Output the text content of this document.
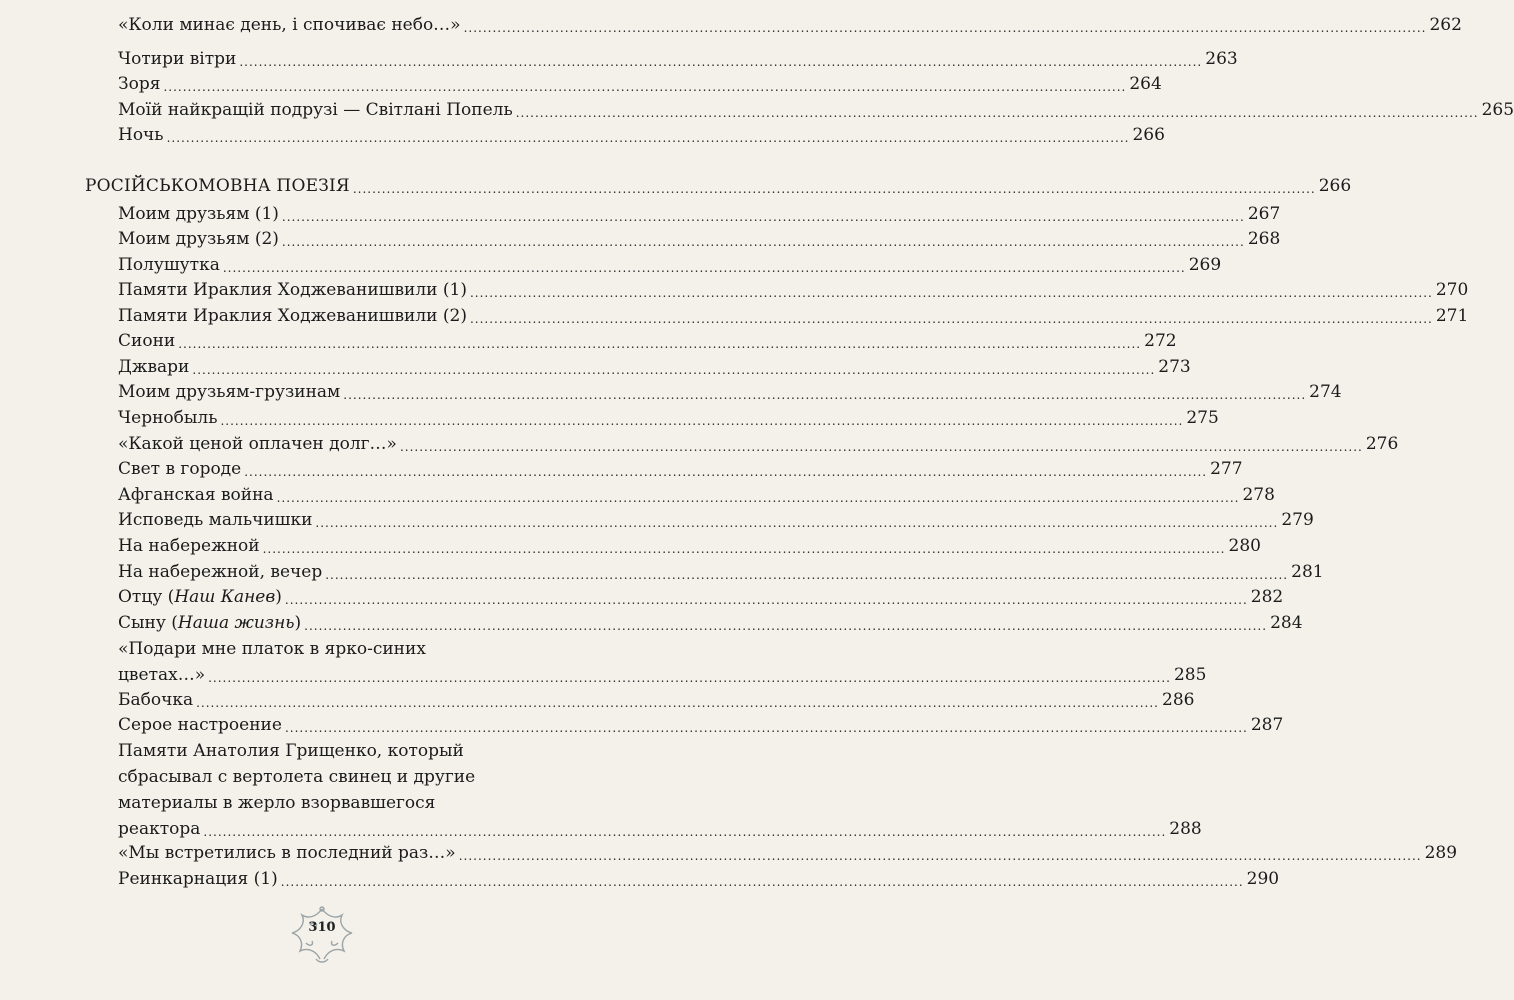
«Коли минає день, і спочиває небо…» ........................................................................................................................................................................................................ 262
Чотири вітри ........................................................................................................................................................................................................ 263
Зоря ........................................................................................................................................................................................................ 264
Моїй найкращій подрузі — Світлані Попель ........................................................................................................................................................................................................ 265
Ночь ........................................................................................................................................................................................................ 266
РОСІЙСЬКОМОВНА ПОЕЗІЯ ........................................................................................................................................................................................................ 266
Моим друзьям (1) ........................................................................................................................................................................................................ 267
Моим друзьям (2) ........................................................................................................................................................................................................ 268
Полушутка ........................................................................................................................................................................................................ 269
Памяти Ираклия Ходжеванишвили (1) ........................................................................................................................................................................................................ 270
Памяти Ираклия Ходжеванишвили (2) ........................................................................................................................................................................................................ 271
Сиони ........................................................................................................................................................................................................ 272
Джвари ........................................................................................................................................................................................................ 273
Моим друзьям-грузинам ........................................................................................................................................................................................................ 274
Чернобыль ........................................................................................................................................................................................................ 275
«Какой ценой оплачен долг…» ........................................................................................................................................................................................................ 276
Свет в городе ........................................................................................................................................................................................................ 277
Афганская война ........................................................................................................................................................................................................ 278
Исповедь мальчишки ........................................................................................................................................................................................................ 279
На набережной ........................................................................................................................................................................................................ 280
На набережной, вечер ........................................................................................................................................................................................................ 281
Отцу (Наш Канев) ........................................................................................................................................................................................................ 282
Сыну (Наша жизнь) ........................................................................................................................................................................................................ 284
«Подари мне платок в ярко-синих
цветах…» ........................................................................................................................................................................................................ 285
Бабочка ........................................................................................................................................................................................................ 286
Серое настроение ........................................................................................................................................................................................................ 287
Памяти Анатолия Грищенко, который
сбрасывал с вертолета свинец и другие
материалы в жерло взорвавшегося
реактора ........................................................................................................................................................................................................ 288
«Мы встретились в последний раз…» ........................................................................................................................................................................................................ 289
Реинкарнация (1) ........................................................................................................................................................................................................ 290
310
